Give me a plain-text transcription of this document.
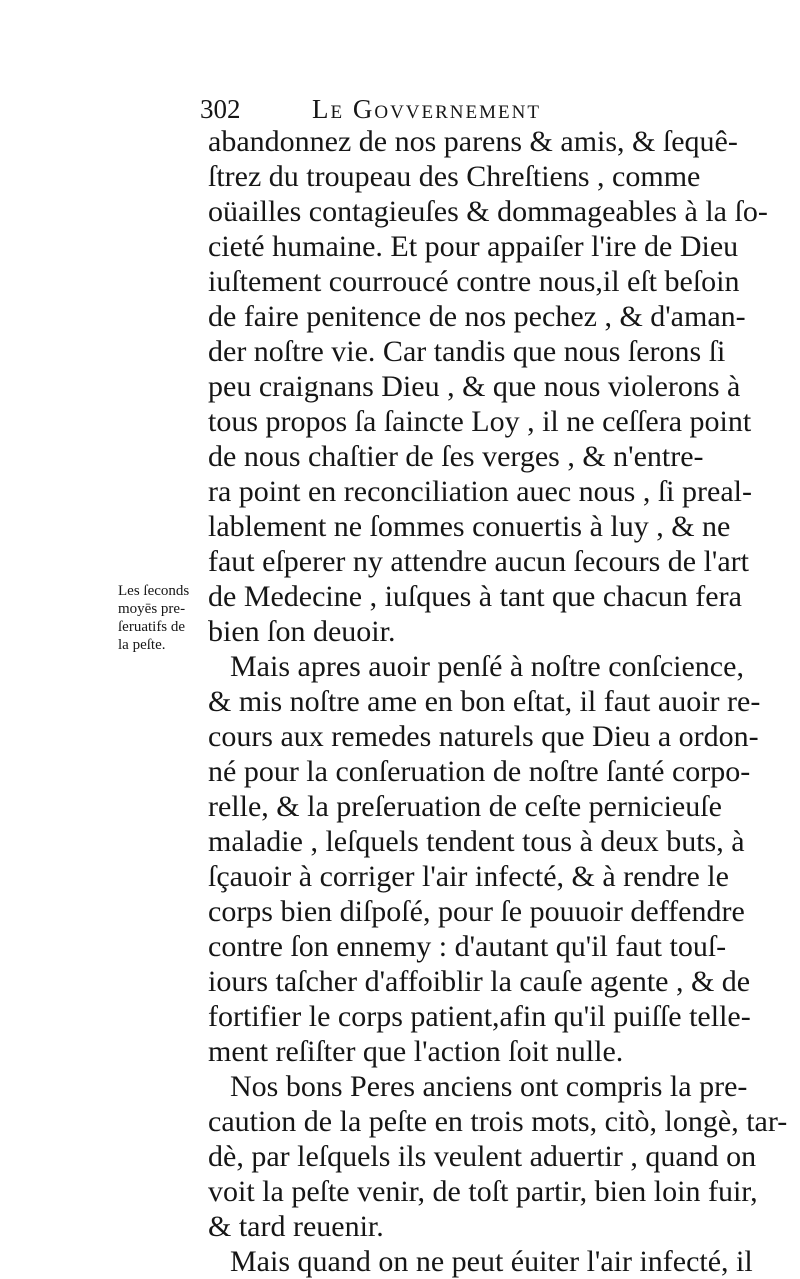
302	Le Govvernement
abandonnez de nos parens & amis, & ſequê-
ſtrez du troupeau des Chreſtiens , comme
oüailles contagieuſes & dommageables à la ſo-
cieté humaine. Et pour appaiſer l'ire de Dieu
iuſtement courroucé contre nous,il eſt beſoin
de faire penitence de nos pechez , & d'aman-
der noſtre vie. Car tandis que nous ſerons ſi
peu craignans Dieu , & que nous violerons à
tous propos ſa ſaincte Loy , il ne ceſſera point
de nous chaſtier de ſes verges , & n'entre-
ra point en reconciliation auec nous , ſi preal-
lablement ne ſommes conuertis à luy , & ne
faut eſperer ny attendre aucun ſecours de l'art
de Medecine , iuſques à tant que chacun fera
bien ſon deuoir.
Mais apres auoir penſé à noſtre conſcience,
& mis noſtre ame en bon eſtat, il faut auoir re-
cours aux remedes naturels que Dieu a ordon-
né pour la conſeruation de noſtre ſanté corpo-
relle, & la preſeruation de ceſte pernicieuſe
maladie , leſquels tendent tous à deux buts, à
ſçauoir à corriger l'air infecté, & à rendre le
corps bien diſpoſé, pour ſe pouuoir deffendre
contre ſon ennemy : d'autant qu'il faut touſ-
iours taſcher d'affoiblir la cauſe agente , & de
fortifier le corps patient,afin qu'il puiſſe telle-
ment reſiſter que l'action ſoit nulle.
Nos bons Peres anciens ont compris la pre-
caution de la peſte en trois mots, citò, longè, tar-
dè, par leſquels ils veulent aduertir , quand on
voit la peſte venir, de toſt partir, bien loin fuir,
& tard reuenir.
Mais quand on ne peut éuiter l'air infecté, il
Les ſeconds
moyēs pre-
ſeruatifs de
la peſte.
